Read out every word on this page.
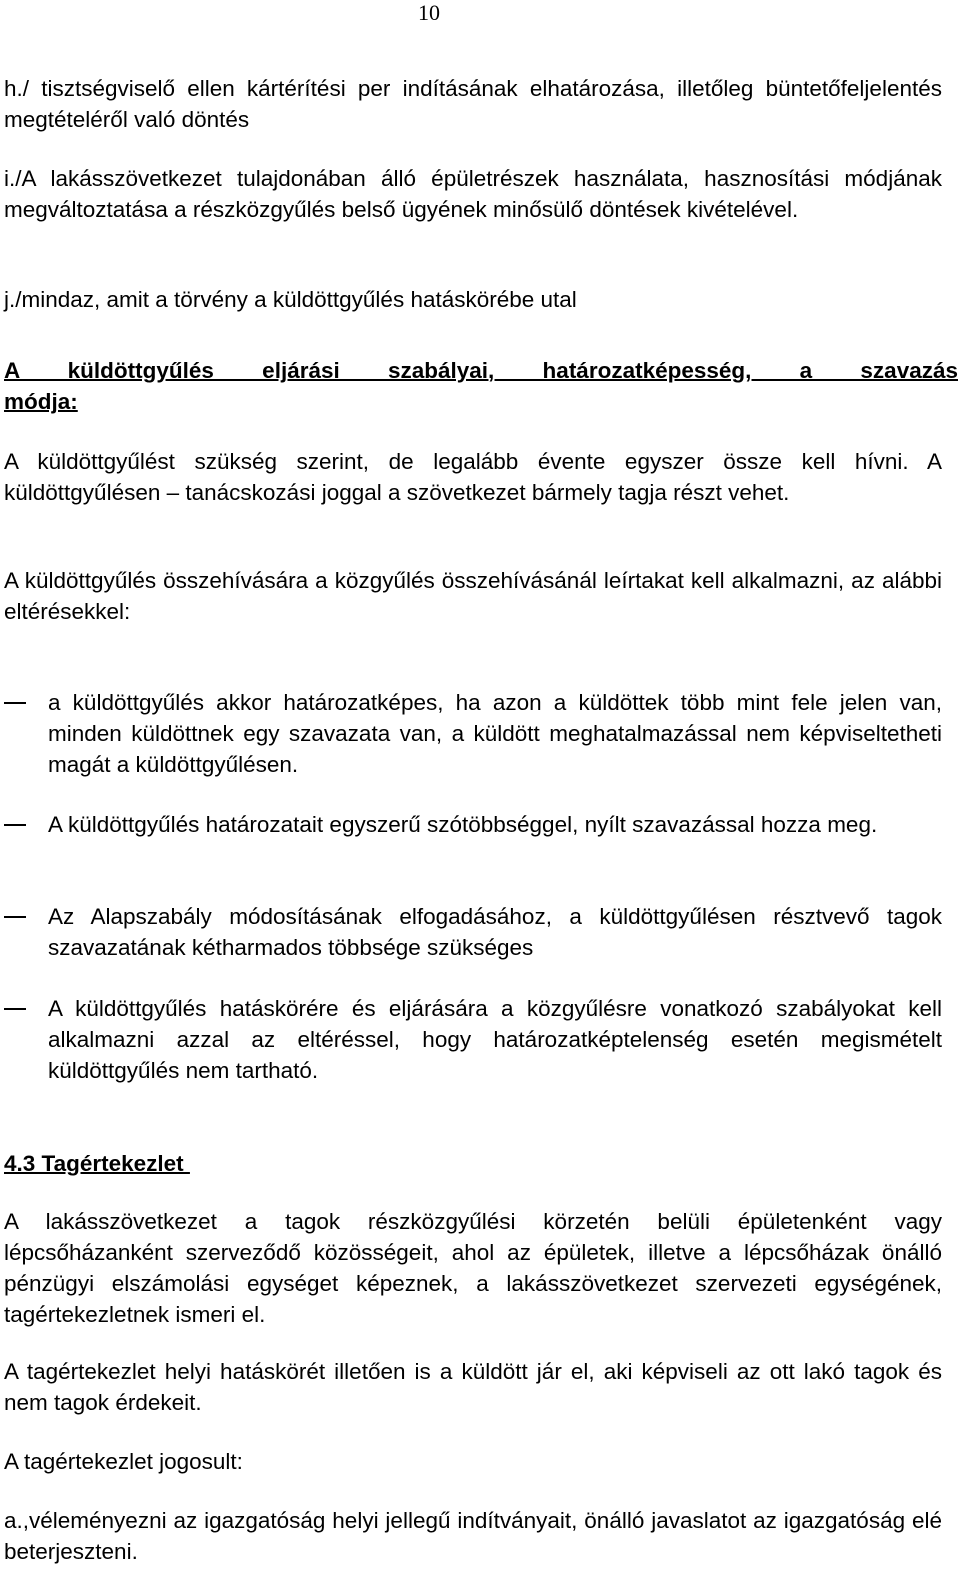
10

h./ tisztségviselő ellen kártérítési per indításának elhatározása, illetőleg büntetőfeljelentés megtételéről való döntés

i./A lakásszövetkezet tulajdonában álló épületrészek használata, hasznosítási módjának megváltoztatása a részközgyűlés belső ügyének minősülő döntések kivételével.

j./mindaz, amit a törvény a küldöttgyűlés hatáskörébe utal

A küldöttgyűlés eljárási szabályai, határozatképesség, a szavazás
módja:

A küldöttgyűlést szükség szerint, de legalább évente egyszer össze kell hívni. A küldöttgyűlésen – tanácskozási joggal a szövetkezet bármely tagja részt vehet.

A küldöttgyűlés összehívására a közgyűlés összehívásánál leírtakat kell alkalmazni, az alábbi eltérésekkel:

a küldöttgyűlés akkor határozatképes, ha azon a küldöttek több mint fele jelen van, minden küldöttnek egy szavazata van, a küldött meghatalmazással nem képviseltetheti magát a küldöttgyűlésen.

A küldöttgyűlés határozatait egyszerű szótöbbséggel, nyílt szavazással hozza meg.

Az Alapszabály módosításának elfogadásához, a küldöttgyűlésen résztvevő tagok szavazatának kétharmados többsége szükséges

A küldöttgyűlés hatáskörére és eljárására a közgyűlésre vonatkozó szabályokat kell alkalmazni azzal az eltéréssel, hogy határozatképtelenség esetén megismételt küldöttgyűlés nem tartható.

4.3 Tagértekezlet

A lakásszövetkezet a tagok részközgyűlési körzetén belüli épületenként vagy lépcsőházanként szerveződő közösségeit, ahol az épületek, illetve a lépcsőházak önálló pénzügyi elszámolási egységet képeznek, a lakásszövetkezet szervezeti egységének, tagértekezletnek ismeri el.

A tagértekezlet helyi hatáskörét illetően is a küldött jár el, aki képviseli az ott lakó tagok és nem tagok érdekeit.

A tagértekezlet jogosult:

a.,véleményezni az igazgatóság helyi jellegű indítványait, önálló javaslatot az igazgatóság elé beterjeszteni.
